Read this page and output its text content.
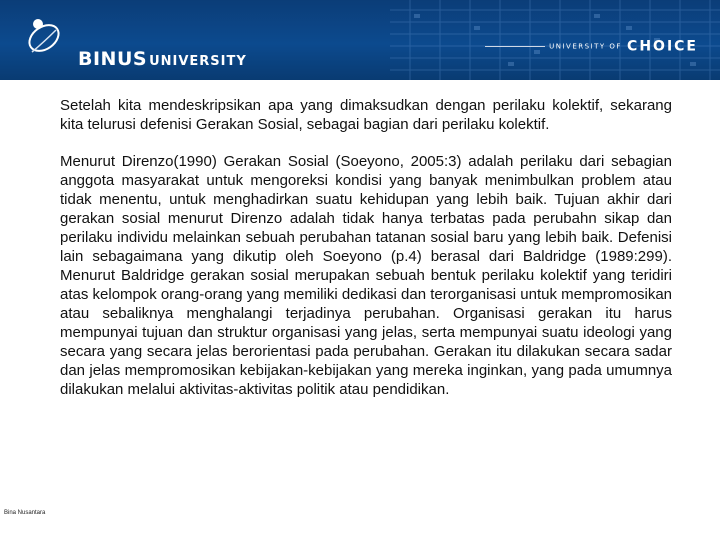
BINUS UNIVERSITY
UNIVERSITY OF CHOICE

Setelah kita mendeskripsikan apa yang dimaksudkan dengan perilaku kolektif, sekarang kita telurusi defenisi Gerakan Sosial, sebagai bagian dari perilaku kolektif.

Menurut Direnzo(1990) Gerakan Sosial (Soeyono, 2005:3) adalah perilaku dari sebagian anggota masyarakat untuk mengoreksi kondisi yang banyak menimbulkan problem atau tidak menentu, untuk menghadirkan suatu kehidupan yang lebih baik. Tujuan akhir dari gerakan sosial menurut Direnzo adalah tidak hanya terbatas pada perubahn sikap dan perilaku individu melainkan sebuah perubahan tatanan sosial baru yang lebih baik. Defenisi lain sebagaimana yang dikutip oleh Soeyono (p.4) berasal dari Baldridge (1989:299). Menurut Baldridge gerakan sosial merupakan sebuah bentuk perilaku kolektif yang teridiri atas kelompok orang-orang yang memiliki dedikasi dan terorganisasi untuk mempromosikan atau sebaliknya menghalangi terjadinya perubahan. Organisasi gerakan itu harus mempunyai tujuan dan struktur organisasi yang jelas, serta mempunyai suatu ideologi yang secara yang secara jelas berorientasi pada perubahan. Gerakan itu dilakukan secara sadar dan jelas mempromosikan kebijakan-kebijakan yang mereka inginkan, yang pada umumnya dilakukan melalui aktivitas-aktivitas politik atau pendidikan.

Bina Nusantara
